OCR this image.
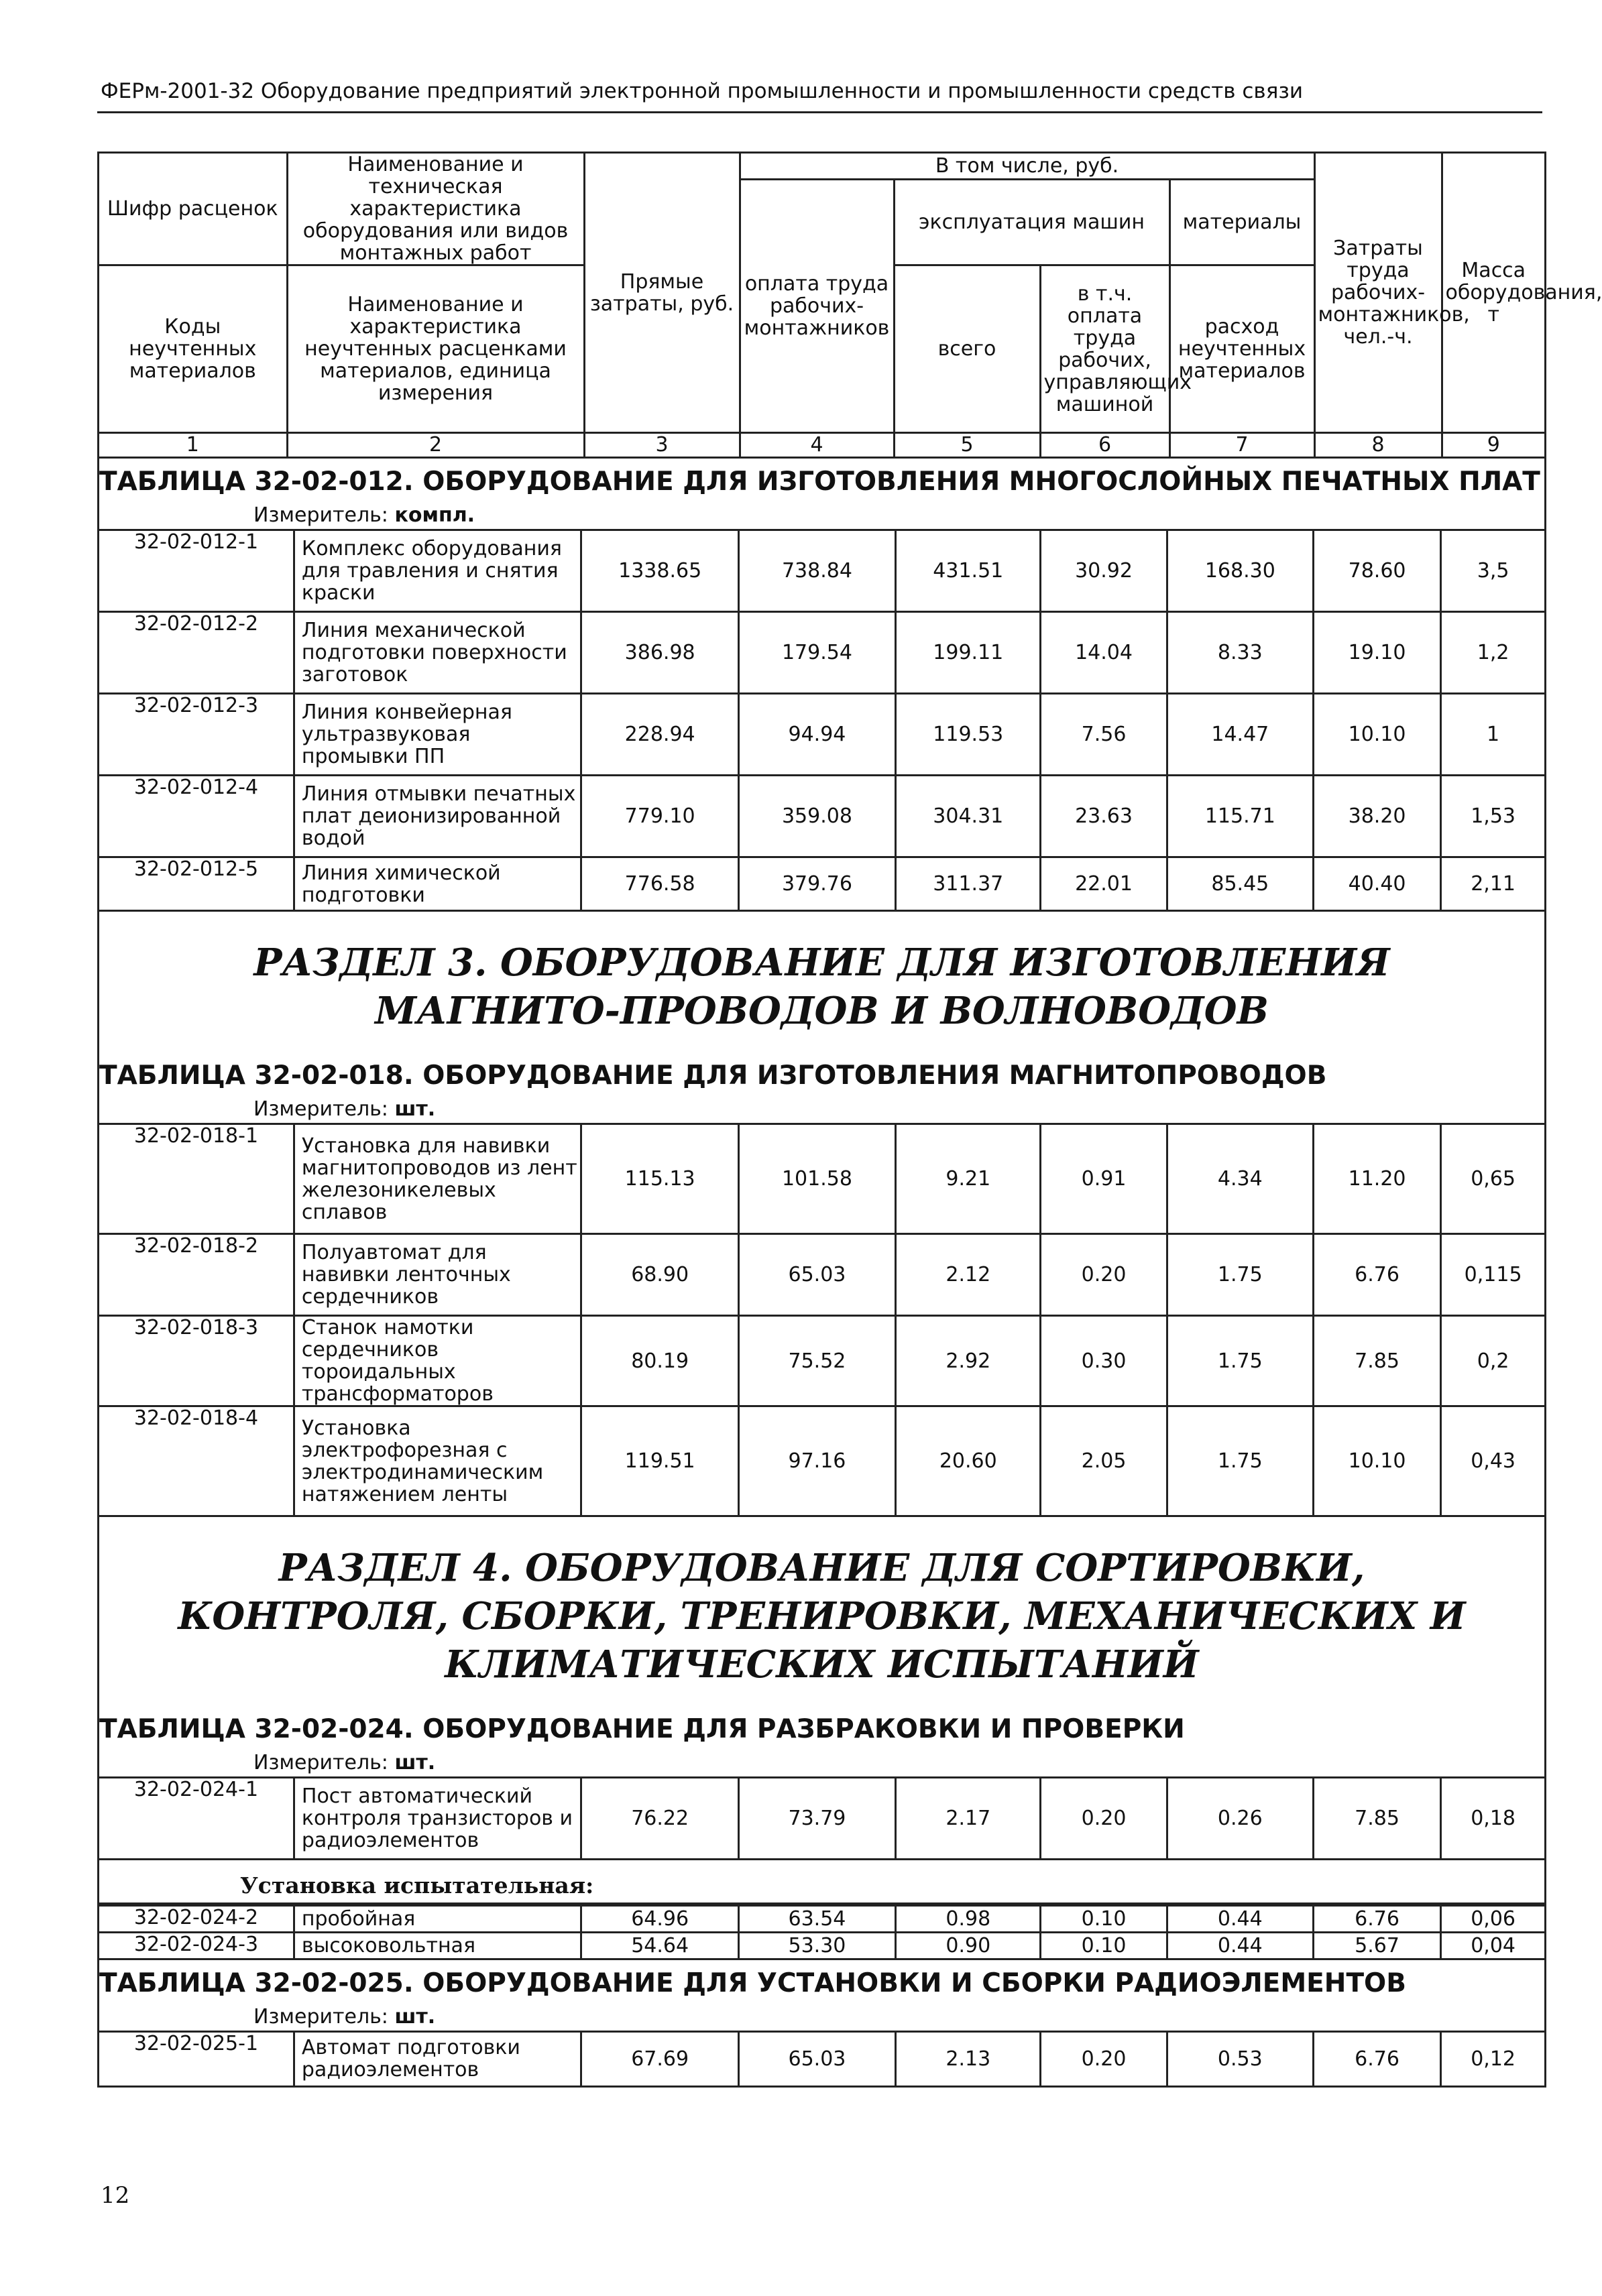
ФЕРм-2001-32 Оборудование предприятий электронной промышленности и промышленности средств связи
Шифр расценок	Наименование и техническая характеристика оборудования или видов монтажных работ	Прямые затраты, руб.	В том числе, руб.				Затраты труда рабочих-монтажников, чел.-ч.	Масса оборудования, т
			оплата труда рабочих-монтажников	эксплуатация машин		материалы		
Коды неучтенных материалов	Наименование и характеристика неучтенных расценками материалов, единица измерения			всего	в т.ч. оплата труда рабочих, управляющих машиной	расход неучтенных материалов		

1	2	3	4	5	6	7	8	9
ТАБЛИЦА 32-02-012. ОБОРУДОВАНИЕ ДЛЯ ИЗГОТОВЛЕНИЯ МНОГОСЛОЙНЫХ ПЕЧАТНЫХ ПЛАТ
Измеритель: компл.
32-02-012-1	Комплекс оборудования для травления и снятия краски	1338.65	738.84	431.51	30.92	168.30	78.60	3,5
32-02-012-2	Линия механической подготовки поверхности заготовок	386.98	179.54	199.11	14.04	8.33	19.10	1,2
32-02-012-3	Линия конвейерная ультразвуковая промывки ПП	228.94	94.94	119.53	7.56	14.47	10.10	1
32-02-012-4	Линия отмывки печатных плат деионизированной водой	779.10	359.08	304.31	23.63	115.71	38.20	1,53
32-02-012-5	Линия химической подготовки	776.58	379.76	311.37	22.01	85.45	40.40	2,11
РАЗДЕЛ 3. ОБОРУДОВАНИЕ ДЛЯ ИЗГОТОВЛЕНИЯ МАГНИТО-ПРОВОДОВ И ВОЛНОВОДОВ
ТАБЛИЦА 32-02-018. ОБОРУДОВАНИЕ ДЛЯ ИЗГОТОВЛЕНИЯ МАГНИТОПРОВОДОВ
Измеритель: шт.
32-02-018-1	Установка для навивки магнитопроводов из лент железоникелевых сплавов	115.13	101.58	9.21	0.91	4.34	11.20	0,65
32-02-018-2	Полуавтомат для навивки ленточных сердечников	68.90	65.03	2.12	0.20	1.75	6.76	0,115
32-02-018-3	Станок намотки сердечников тороидальных трансформаторов	80.19	75.52	2.92	0.30	1.75	7.85	0,2
32-02-018-4	Установка электрофорезная с электродинамическим натяжением ленты	119.51	97.16	20.60	2.05	1.75	10.10	0,43
РАЗДЕЛ 4. ОБОРУДОВАНИЕ ДЛЯ СОРТИРОВКИ, КОНТРОЛЯ, СБОРКИ, ТРЕНИРОВКИ, МЕХАНИЧЕСКИХ И КЛИМАТИЧЕСКИХ ИСПЫТАНИЙ
ТАБЛИЦА 32-02-024. ОБОРУДОВАНИЕ ДЛЯ РАЗБРАКОВКИ И ПРОВЕРКИ
Измеритель: шт.
32-02-024-1	Пост автоматический контроля транзисторов и радиоэлементов	76.22	73.79	2.17	0.20	0.26	7.85	0,18
Установка испытательная:
32-02-024-2	пробойная	64.96	63.54	0.98	0.10	0.44	6.76	0,06
32-02-024-3	высоковольтная	54.64	53.30	0.90	0.10	0.44	5.67	0,04
ТАБЛИЦА 32-02-025. ОБОРУДОВАНИЕ ДЛЯ УСТАНОВКИ И СБОРКИ РАДИОЭЛЕМЕНТОВ
Измеритель: шт.
32-02-025-1	Автомат подготовки радиоэлементов	67.69	65.03	2.13	0.20	0.53	6.76	0,12
12
